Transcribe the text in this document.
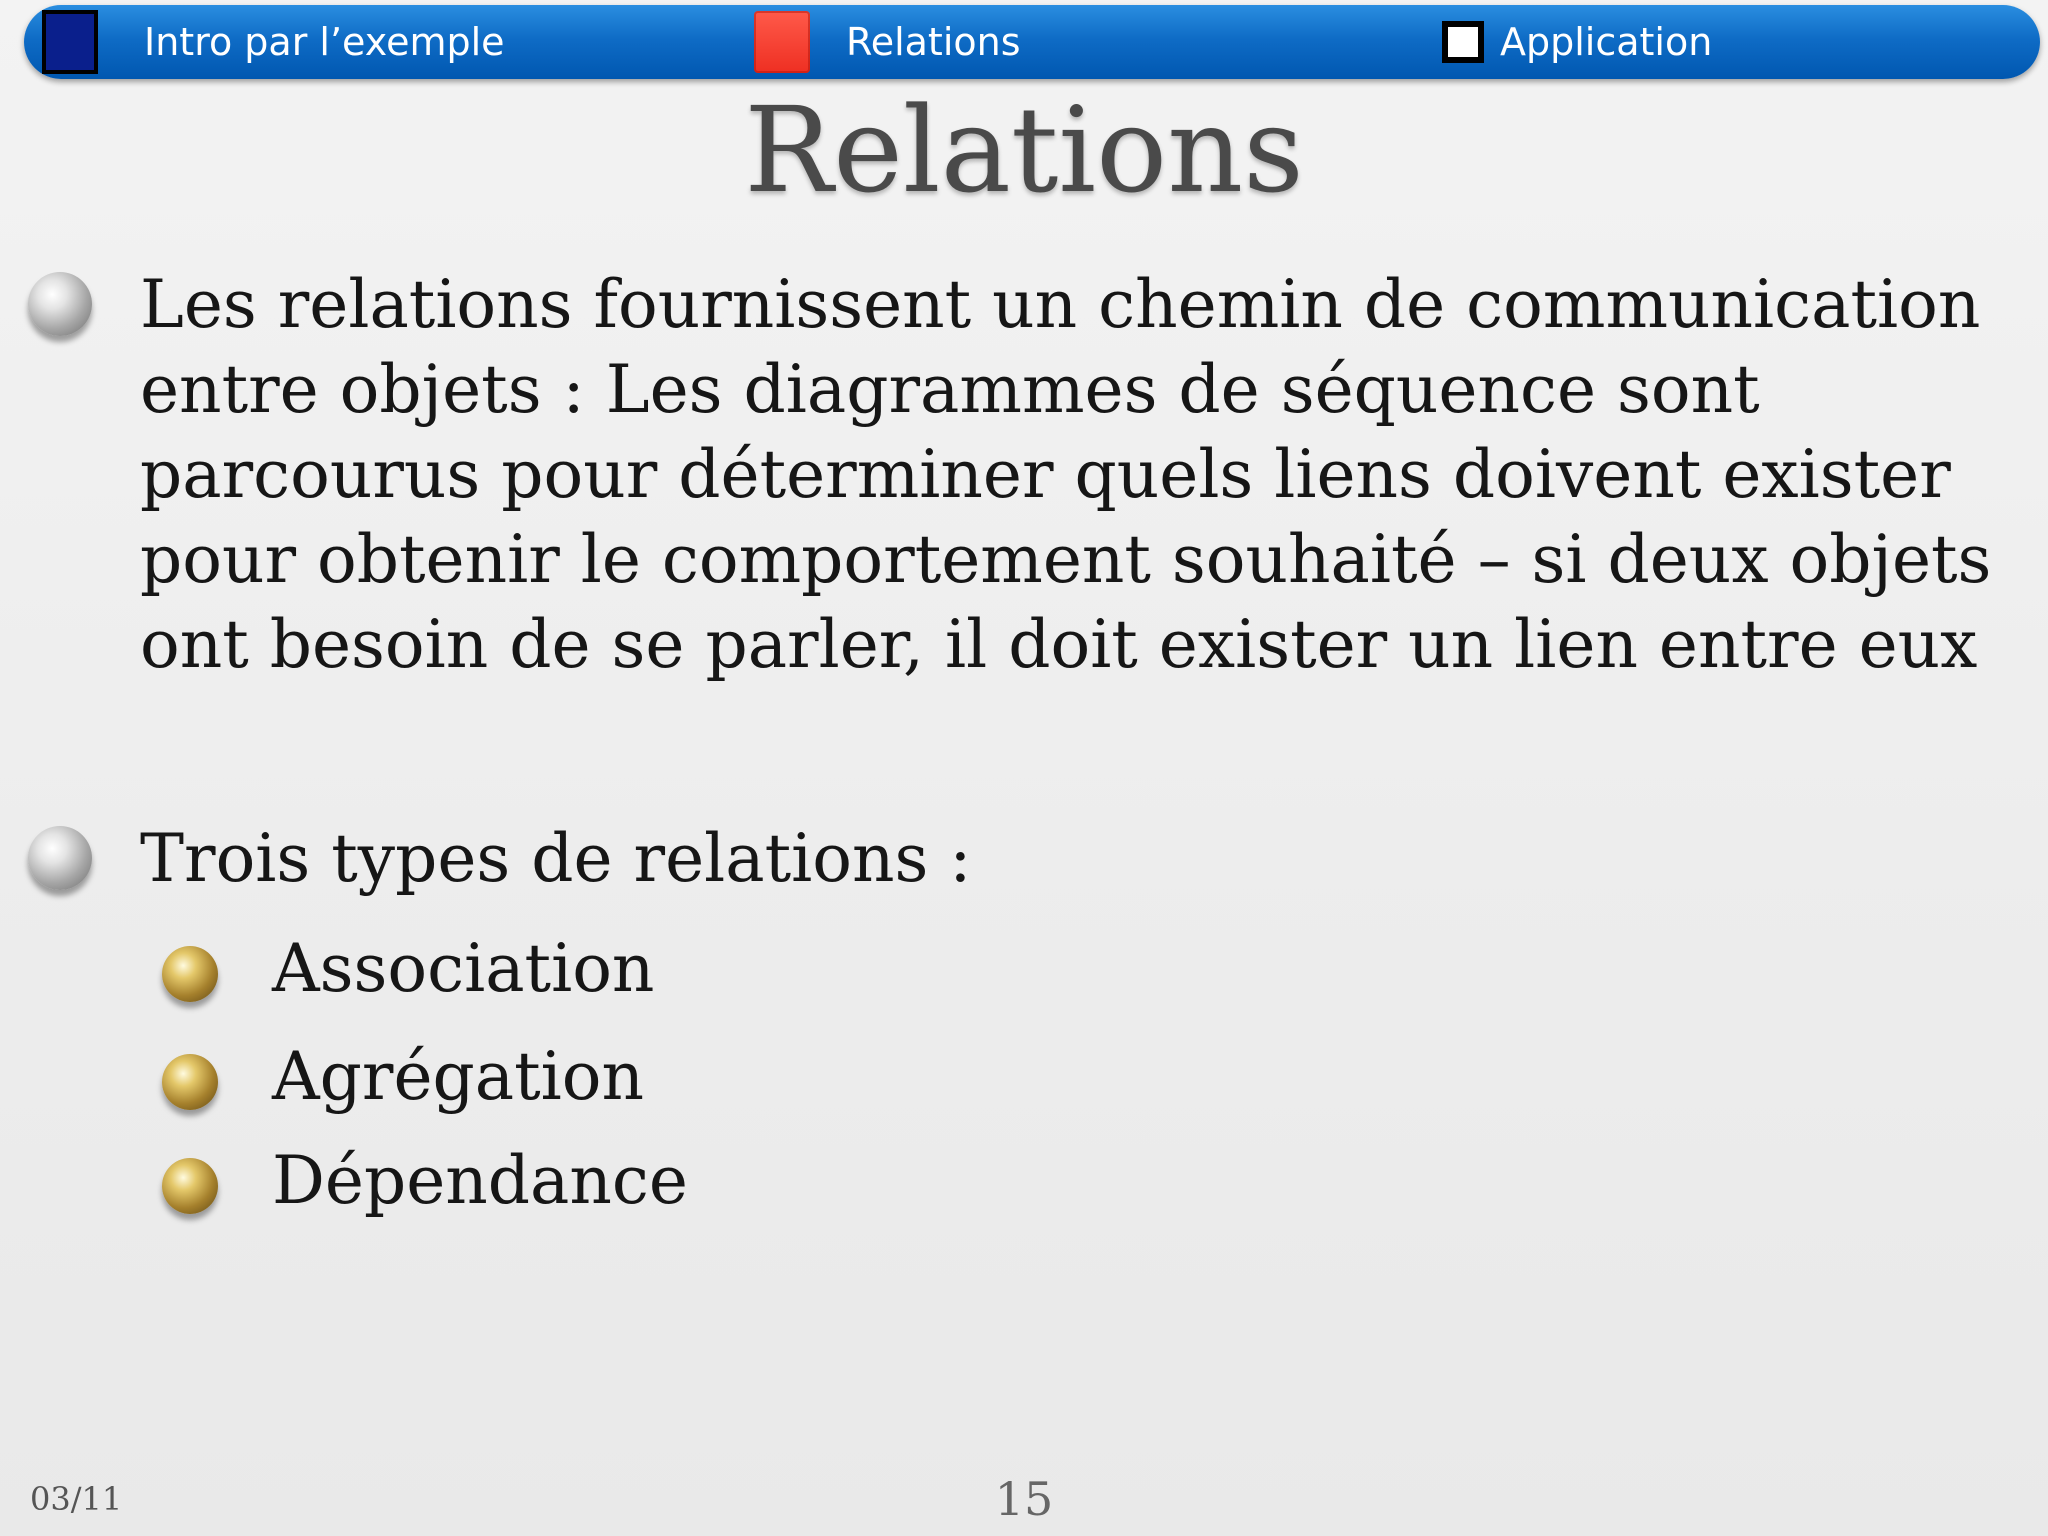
Intro par l’exemple	Relations	Application
Relations
Les relations fournissent un chemin de communication entre objets : Les diagrammes de séquence sont parcourus pour déterminer quels liens doivent exister pour obtenir le comportement souhaité – si deux objets ont besoin de se parler, il doit exister un lien entre eux
Trois types de relations :
Association
Agrégation
Dépendance
03/11	15
